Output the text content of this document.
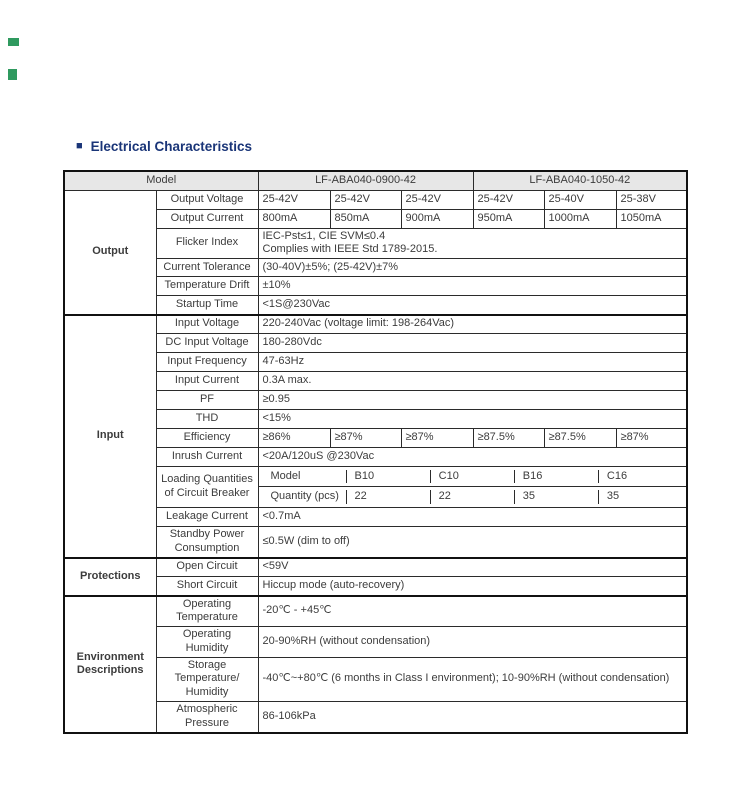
■ Electrical Characteristics
Model		LF-ABA040-0900-42			LF-ABA040-1050-42		
Output	Output Voltage	25-42V	25-42V	25-42V	25-42V	25-40V	25-38V
	Output Current	800mA	850mA	900mA	950mA	1000mA	1050mA
	Flicker Index	IEC-Pst≤1, CIE SVM≤0.4
Complies with IEEE Std 1789-2015.					

	Current Tolerance	(30-40V)±5%; (25-42V)±7%					
	Temperature Drift	±10%					
	Startup Time	<1S@230Vac					
Input	Input Voltage	220-240Vac (voltage limit: 198-264Vac)					
	DC Input Voltage	180-280Vdc					
	Input Frequency	47-63Hz					
	Input Current	0.3A max.					
	PF	≥0.95					
	THD	<15%					
	Efficiency	≥86%	≥87%	≥87%	≥87.5%	≥87.5%	≥87%
	Inrush Current	<20A/120uS @230Vac					
	Loading Quantities of Circuit Breaker	Model B10 C10 B16 C16					

Quantity (pcs) 22 22 35 35					

	Leakage Current	<0.7mA					
	Standby Power Consumption	≤0.5W (dim to off)					
Protections	Open Circuit	<59V					
	Short Circuit	Hiccup mode (auto-recovery)					
Environment Descriptions	Operating Temperature	-20℃ - +45℃					
	Operating Humidity	20-90%RH (without condensation)					
	Storage Temperature/ Humidity	-40℃~+80℃ (6 months in Class I environment); 10-90%RH (without condensation)					

	Atmospheric Pressure	86-106kPa					
